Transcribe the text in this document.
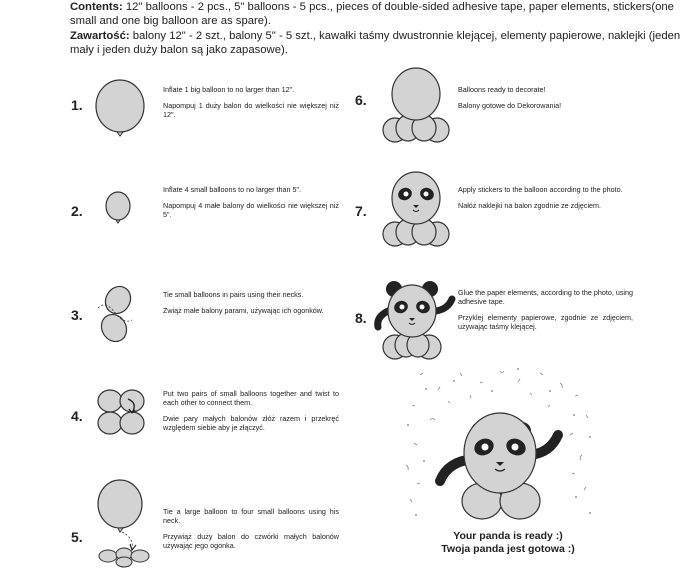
Contents: 12" balloons - 2 pcs., 5" balloons - 5 pcs., pieces of double-sided adhesive tape, paper elements, stickers(one small and one big balloon are as spare).
Zawartość: balony 12" - 2 szt., balony 5" - 5 szt., kawałki taśmy dwustronnie klejącej, elementy papierowe, naklejki (jeden mały i jeden duży balon są jako zapasowe).
1.

Inflate 1 big balloon to no larger than 12".

Napompuj 1 duży balon do wielkości nie większej niż 12".

2.

Inflate 4 small balloons to no larger than 5".

Napompuj 4 małe balony do wielkości nie większej niż 5".

3.

Tie small balloons in pairs using their necks.

Zwiąż małe balony parami, używając ich ogonków.

4.

Put two pairs of small balloons together and twist to each other to connect them.

Dwie pary małych balonów złóż razem i przekręć względem siebie aby je złączyć.

5.

Tie a large balloon to four small balloons using his neck.

Przywiąż duży balon do czwórki małych balonów używając jego ogonka.

6.

Balloons ready to decorate!

Balony gotowe do Dekorowania!

7.

Apply stickers to the balloon according to the photo.

Nałóż naklejki na balon zgodnie ze zdjęciem.

8.

Glue the paper elements, according to the photo, using adhesive tape.

Przyklej elementy papierowe, zgodnie ze zdjęciem, używając taśmy klejącej.

Your panda is ready :)
Twoja panda jest gotowa :)
